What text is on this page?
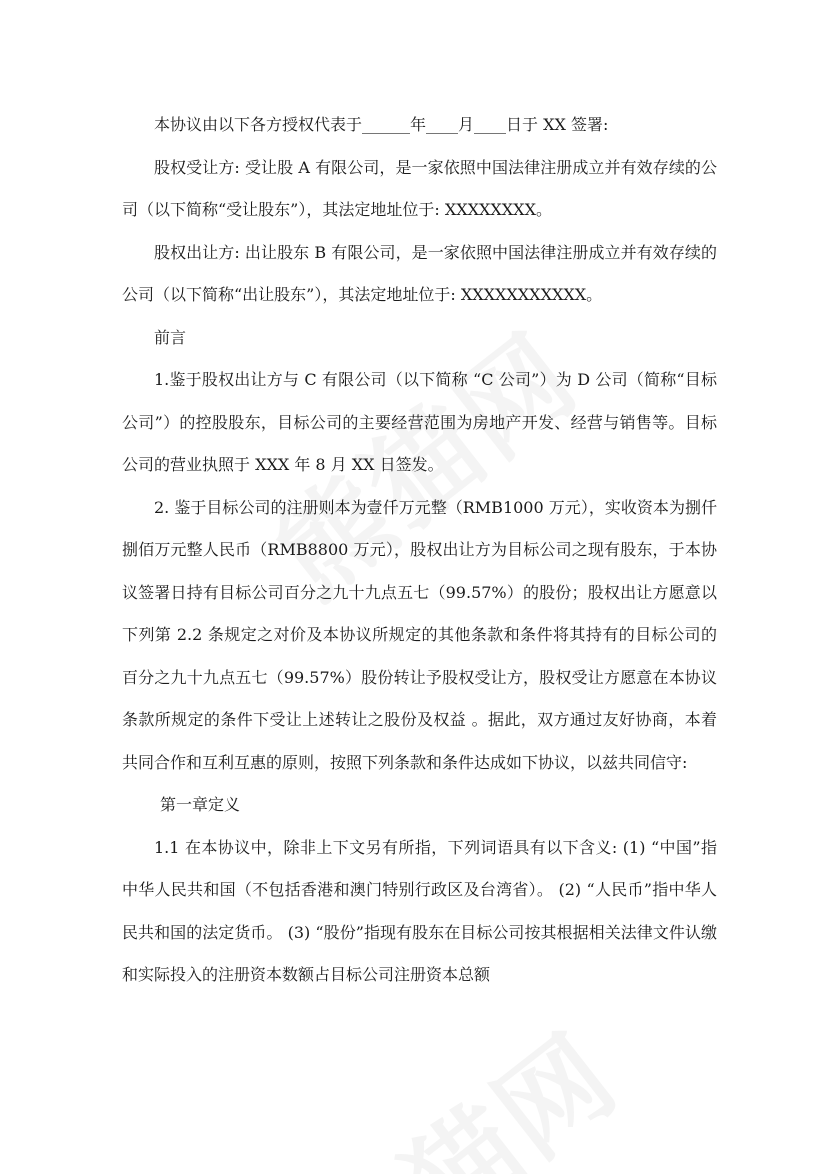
本协议由以下各方授权代表于______年____月____日于 XX 签署:

股权受让方: 受让股 A 有限公司，是一家依照中国法律注册成立并有效存续的公司（以下简称“受让股东”），其法定地址位于: XXXXXXXX。

股权出让方: 出让股东 B 有限公司，是一家依照中国法律注册成立并有效存续的公司（以下简称“出让股东”），其法定地址位于: XXXXXXXXXXX。

前言

1.鉴于股权出让方与 C 有限公司（以下简称 “C 公司”）为 D 公司（简称“目标公司”）的控股股东，目标公司的主要经营范围为房地产开发、经营与销售等。目标公司的营业执照于 XXX 年 8 月 XX 日签发。

2. 鉴于目标公司的注册则本为壹仟万元整（RMB1000 万元），实收资本为捌仟捌佰万元整人民币（RMB8800 万元），股权出让方为目标公司之现有股东，于本协议签署日持有目标公司百分之九十九点五七（99.57%）的股份；股权出让方愿意以下列第 2.2 条规定之对价及本协议所规定的其他条款和条件将其持有的目标公司的百分之九十九点五七（99.57%）股份转让予股权受让方，股权受让方愿意在本协议条款所规定的条件下受让上述转让之股份及权益 。据此，双方通过友好协商，本着共同合作和互利互惠的原则，按照下列条款和条件达成如下协议，以兹共同信守:

第一章定义

1.1 在本协议中，除非上下文另有所指，下列词语具有以下含义: (1) “中国”指中华人民共和国（不包括香港和澳门特别行政区及台湾省）。 (2) “人民币”指中华人民共和国的法定货币。 (3) “股份”指现有股东在目标公司按其根据相关法律文件认缴和实际投入的注册资本数额占目标公司注册资本总额
